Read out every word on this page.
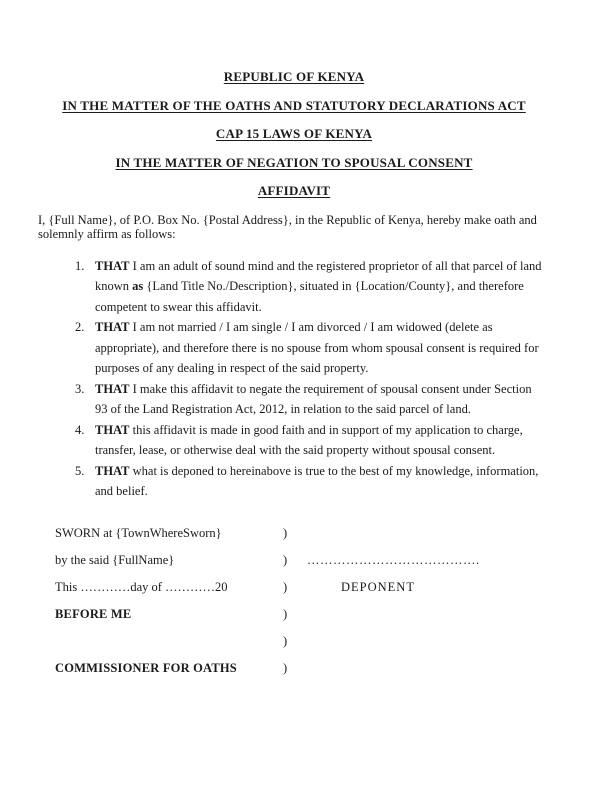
REPUBLIC OF KENYA
IN THE MATTER OF THE OATHS AND STATUTORY DECLARATIONS ACT
CAP 15 LAWS OF KENYA
IN THE MATTER OF NEGATION TO SPOUSAL CONSENT
AFFIDAVIT

I, {Full Name}, of P.O. Box No. {Postal Address}, in the Republic of Kenya, hereby make oath and solemnly affirm as follows:

1. THAT I am an adult of sound mind and the registered proprietor of all that parcel of land known as {Land Title No./Description}, situated in {Location/County}, and therefore competent to swear this affidavit.
2. THAT I am not married / I am single / I am divorced / I am widowed (delete as appropriate), and therefore there is no spouse from whom spousal consent is required for purposes of any dealing in respect of the said property.
3. THAT I make this affidavit to negate the requirement of spousal consent under Section 93 of the Land Registration Act, 2012, in relation to the said parcel of land.
4. THAT this affidavit is made in good faith and in support of my application to charge, transfer, lease, or otherwise deal with the said property without spousal consent.
5. THAT what is deponed to hereinabove is true to the best of my knowledge, information, and belief.
SWORN at {TownWhereSworn}	)
by the said {FullName}	)	………………………………….
This …………day of …………20	)	DEPONENT
BEFORE ME	)
)
COMMISSIONER FOR OATHS	)
